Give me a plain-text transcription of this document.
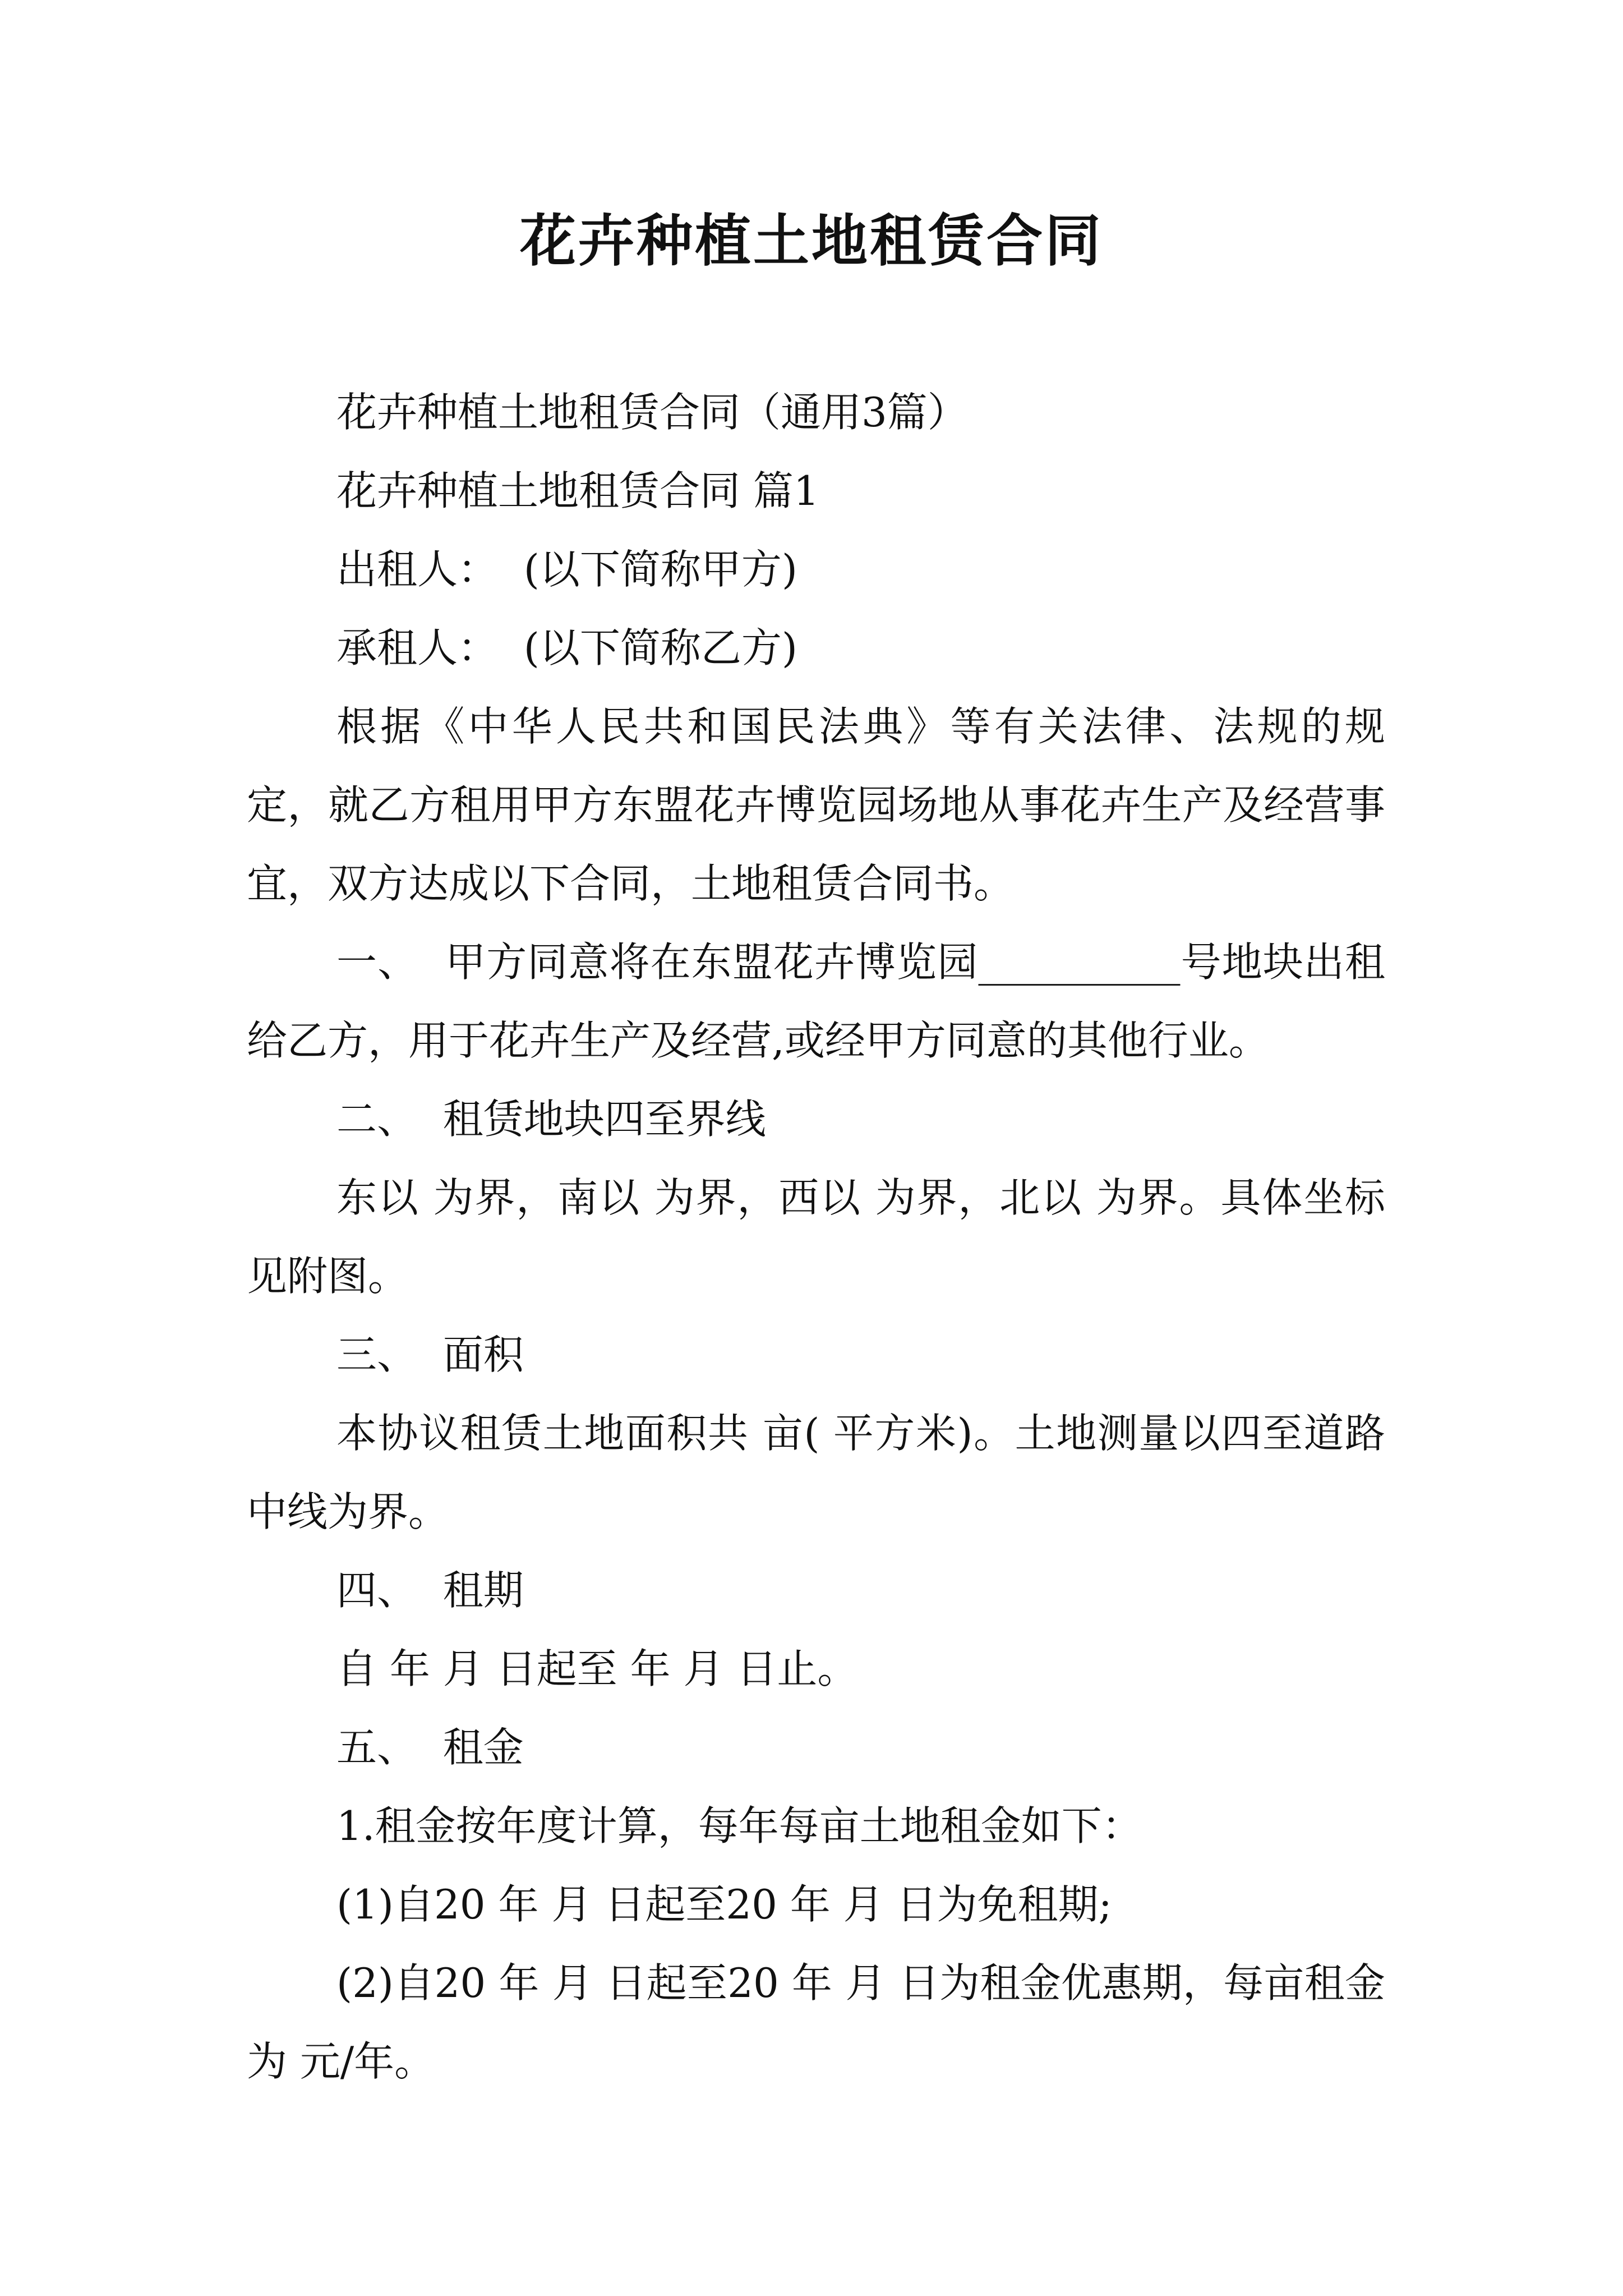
花卉种植土地租赁合同

花卉种植土地租赁合同（通用3篇）

花卉种植土地租赁合同 篇1

出租人：  (以下简称甲方)

承租人：  (以下简称乙方)

根据《中华人民共和国民法典》等有关法律、法规的规定，就乙方租用甲方东盟花卉博览园场地从事花卉生产及经营事宜，双方达成以下合同，土地租赁合同书。

一、  甲方同意将在东盟花卉博览园__________号地块出租给乙方，用于花卉生产及经营,或经甲方同意的其他行业。

二、  租赁地块四至界线

东以 为界，南以 为界，西以 为界，北以 为界。具体坐标见附图。

三、  面积

本协议租赁土地面积共 亩( 平方米)。土地测量以四至道路中线为界。

四、  租期

自 年 月 日起至 年 月 日止。

五、  租金

1.租金按年度计算，每年每亩土地租金如下：

(1)自20 年 月 日起至20 年 月 日为免租期;

(2)自20 年 月 日起至20 年 月 日为租金优惠期，每亩租金为 元/年。
